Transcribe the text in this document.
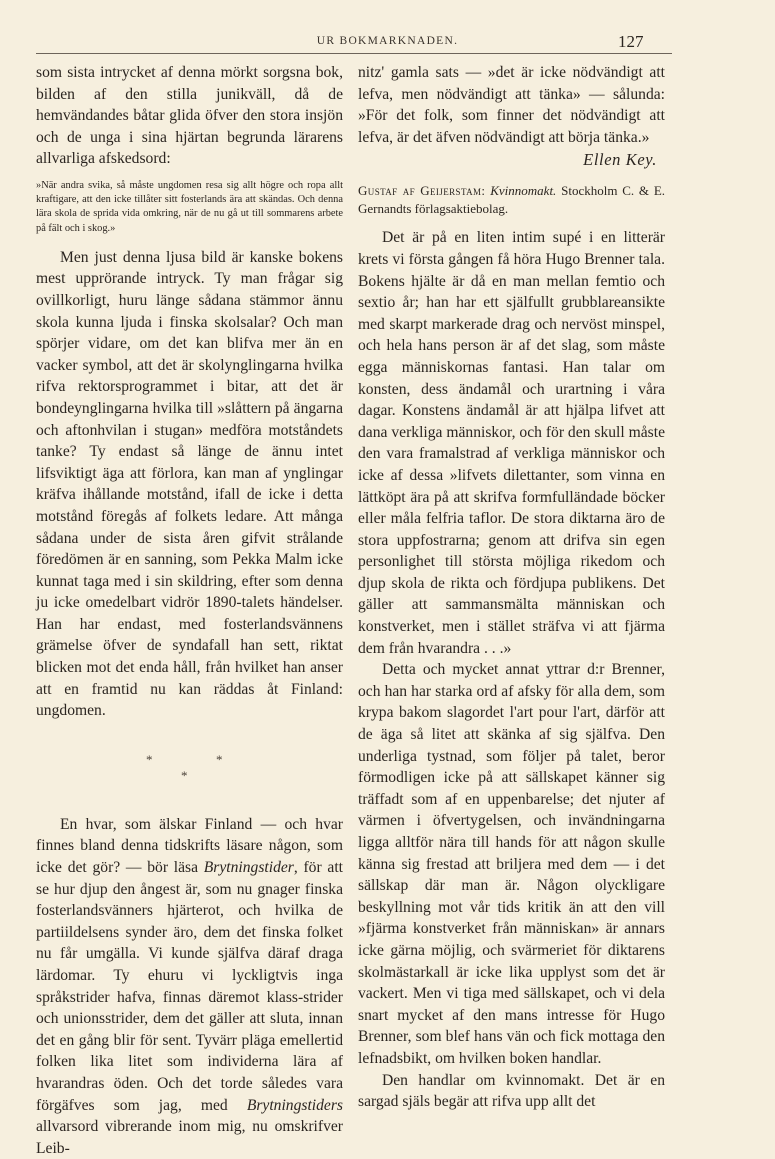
UR BOKMARKNADEN.	127

som sista intrycket af denna mörkt sorgsna bok, bilden af den stilla junikväll, då de hemvändandes båtar glida öfver den stora insjön och de unga i sina hjärtan begrunda lärarens allvarliga afskedsord:

»När andra svika, så måste ungdomen resa sig allt högre och ropa allt kraftigare, att den icke tillåter sitt fosterlands ära att skändas. Och denna lära skola de sprida vida omkring, när de nu gå ut till sommarens arbete på fält och i skog.»

Men just denna ljusa bild är kanske bokens mest upprörande intryck. Ty man frågar sig ovillkorligt, huru länge sådana stämmor ännu skola kunna ljuda i finska skolsalar? Och man spörjer vidare, om det kan blifva mer än en vacker symbol, att det är skolynglingarna hvilka rifva rektorsprogrammet i bitar, att det är bondeynglingarna hvilka till »slåttern på ängarna och aftonhvilan i stugan» medföra motståndets tanke? Ty endast så länge de ännu intet lifsviktigt äga att förlora, kan man af ynglingar kräfva ihållande motstånd, ifall de icke i detta motstånd föregås af folkets ledare. Att många sådana under de sista åren gifvit strålande föredömen är en sanning, som Pekka Malm icke kunnat taga med i sin skildring, efter som denna ju icke omedelbart vidrör 1890-talets händelser. Han har endast, med fosterlandsvännens grämelse öfver de syndafall han sett, riktat blicken mot det enda håll, från hvilket han anser att en framtid nu kan räddas åt Finland: ungdomen.

*	*
*

En hvar, som älskar Finland — och hvar finnes bland denna tidskrifts läsare någon, som icke det gör? — bör läsa Brytningstider, för att se hur djup den ångest är, som nu gnager finska fosterlandsvänners hjärterot, och hvilka de partiildelsens synder äro, dem det finska folket nu får umgälla. Vi kunde själfva däraf draga lärdomar. Ty ehuru vi lyckligtvis inga språkstrider hafva, finnas däremot klass-strider och unionsstrider, dem det gäller att sluta, innan det en gång blir för sent. Tyvärr pläga emellertid folken lika litet som individerna lära af hvarandras öden. Och det torde således vara förgäfves som jag, med Brytningstiders allvarsord vibrerande inom mig, nu omskrifver Leib-

nitz' gamla sats — »det är icke nödvändigt att lefva, men nödvändigt att tänka» — sålunda: »För det folk, som finner det nödvändigt att lefva, är det äfven nödvändigt att börja tänka.»

Ellen Key.
Gustaf af Geijerstam: Kvinnomakt. Stockholm C. & E. Gernandts förlagsaktiebolag.

Det är på en liten intim supé i en litterär krets vi första gången få höra Hugo Brenner tala. Bokens hjälte är då en man mellan femtio och sextio år; han har ett själfullt grubblareansikte med skarpt markerade drag och nervöst minspel, och hela hans person är af det slag, som måste egga människornas fantasi. Han talar om konsten, dess ändamål och urartning i våra dagar. Konstens ändamål är att hjälpa lifvet att dana verkliga människor, och för den skull måste den vara framalstrad af verkliga människor och icke af dessa »lifvets dilettanter, som vinna en lättköpt ära på att skrifva formfulländade böcker eller måla felfria taflor. De stora diktarna äro de stora uppfostrarna; genom att drifva sin egen personlighet till största möjliga rikedom och djup skola de rikta och fördjupa publikens. Det gäller att sammansmälta människan och konstverket, men i stället sträfva vi att fjärma dem från hvarandra . . .»

Detta och mycket annat yttrar d:r Brenner, och han har starka ord af afsky för alla dem, som krypa bakom slagordet l'art pour l'art, därför att de äga så litet att skänka af sig själfva. Den underliga tystnad, som följer på talet, beror förmodligen icke på att sällskapet känner sig träffadt som af en uppenbarelse; det njuter af värmen i öfvertygelsen, och invändningarna ligga alltför nära till hands för att någon skulle känna sig frestad att briljera med dem — i det sällskap där man är. Någon olyckligare beskyllning mot vår tids kritik än att den vill »fjärma konstverket från människan» är annars icke gärna möjlig, och svärmeriet för diktarens skolmästarkall är icke lika upplyst som det är vackert. Men vi tiga med sällskapet, och vi dela snart mycket af den mans intresse för Hugo Brenner, som blef hans vän och fick mottaga den lefnadsbikt, om hvilken boken handlar.

Den handlar om kvinnomakt. Det är en sargad själs begär att rifva upp allt det
